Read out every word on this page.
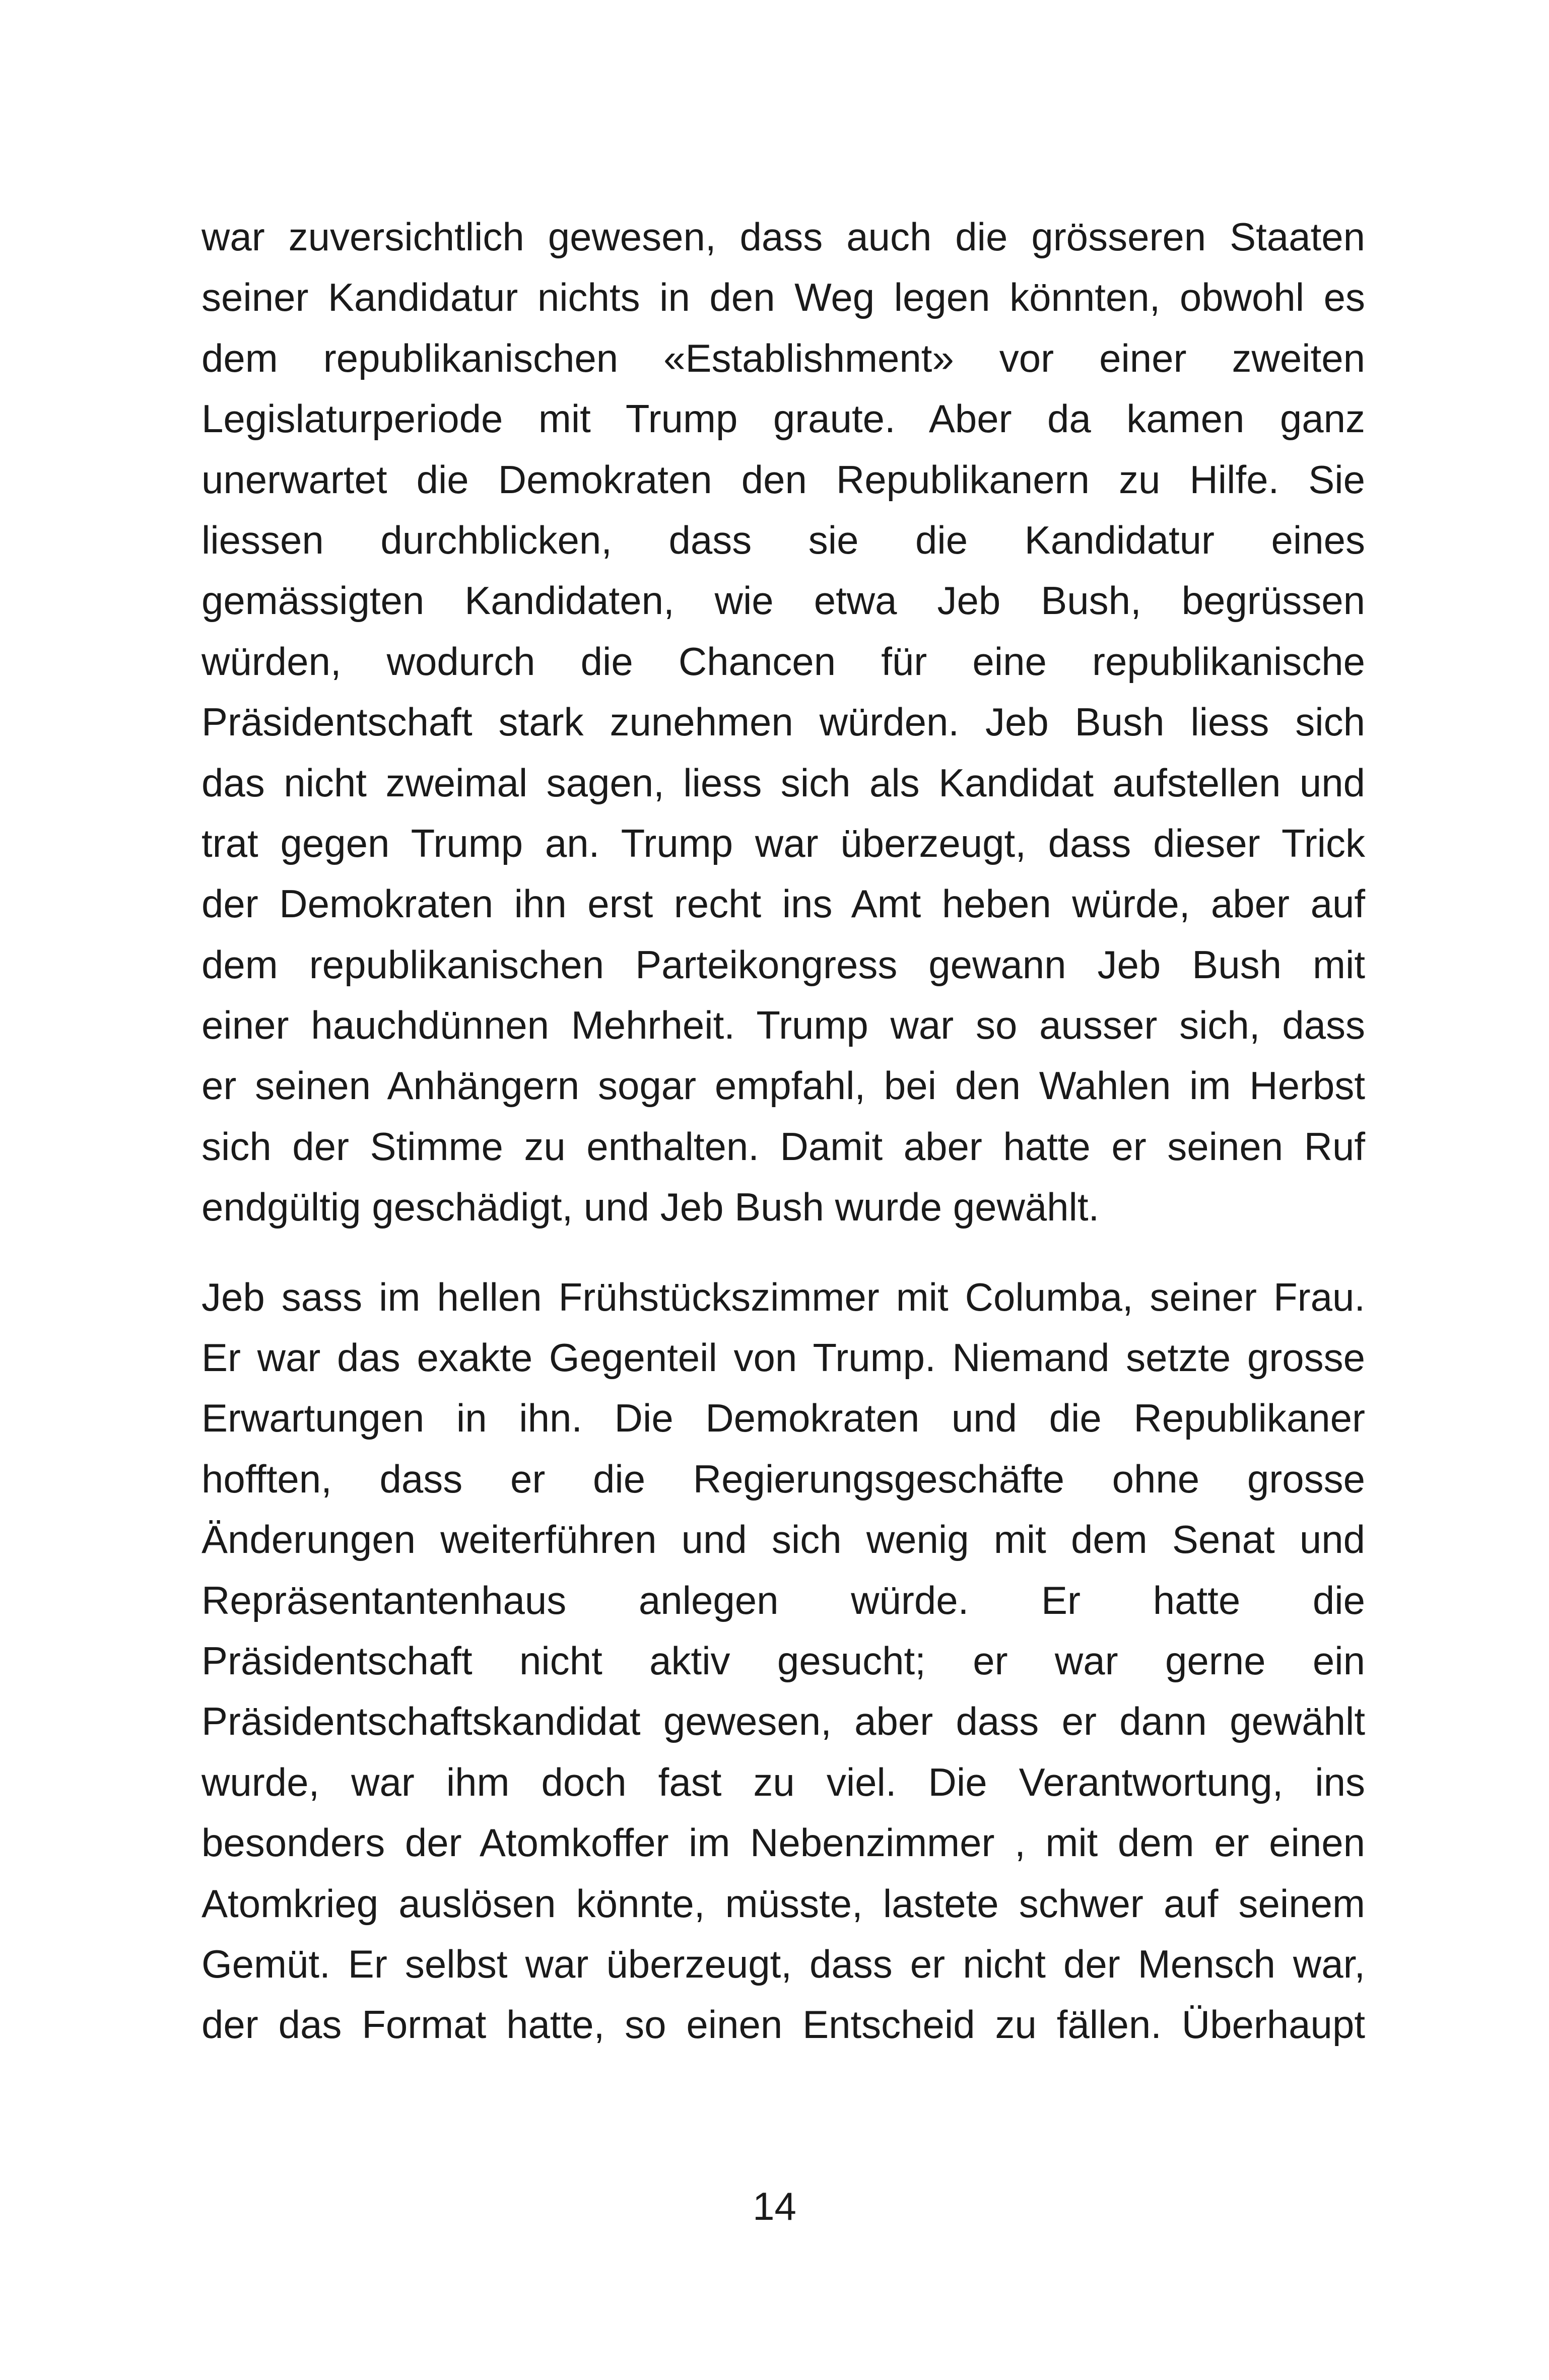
war zuversichtlich gewesen, dass auch die grösseren Staaten
seiner Kandidatur nichts in den Weg legen könnten, obwohl es
dem republikanischen «Establishment» vor einer zweiten
Legislaturperiode mit Trump graute. Aber da kamen ganz
unerwartet die Demokraten den Republikanern zu Hilfe. Sie
liessen durchblicken, dass sie die Kandidatur eines
gemässigten Kandidaten, wie etwa Jeb Bush, begrüssen
würden, wodurch die Chancen für eine republikanische
Präsidentschaft stark zunehmen würden. Jeb Bush liess sich
das nicht zweimal sagen, liess sich als Kandidat aufstellen und
trat gegen Trump an. Trump war überzeugt, dass dieser Trick
der Demokraten ihn erst recht ins Amt heben würde, aber auf
dem republikanischen Parteikongress gewann Jeb Bush mit
einer hauchdünnen Mehrheit. Trump war so ausser sich, dass
er seinen Anhängern sogar empfahl, bei den Wahlen im Herbst
sich der Stimme zu enthalten. Damit aber hatte er seinen Ruf
endgültig geschädigt, und Jeb Bush wurde gewählt.
Jeb sass im hellen Frühstückszimmer mit Columba, seiner Frau.
Er war das exakte Gegenteil von Trump. Niemand setzte grosse
Erwartungen in ihn. Die Demokraten und die Republikaner
hofften, dass er die Regierungsgeschäfte ohne grosse
Änderungen weiterführen und sich wenig mit dem Senat und
Repräsentantenhaus anlegen würde. Er hatte die
Präsidentschaft nicht aktiv gesucht; er war gerne ein
Präsidentschaftskandidat gewesen, aber dass er dann gewählt
wurde, war ihm doch fast zu viel. Die Verantwortung, ins
besonders der Atomkoffer im Nebenzimmer , mit dem er einen
Atomkrieg auslösen könnte, müsste, lastete schwer auf seinem
Gemüt. Er selbst war überzeugt, dass er nicht der Mensch war,
der das Format hatte, so einen Entscheid zu fällen. Überhaupt
14
